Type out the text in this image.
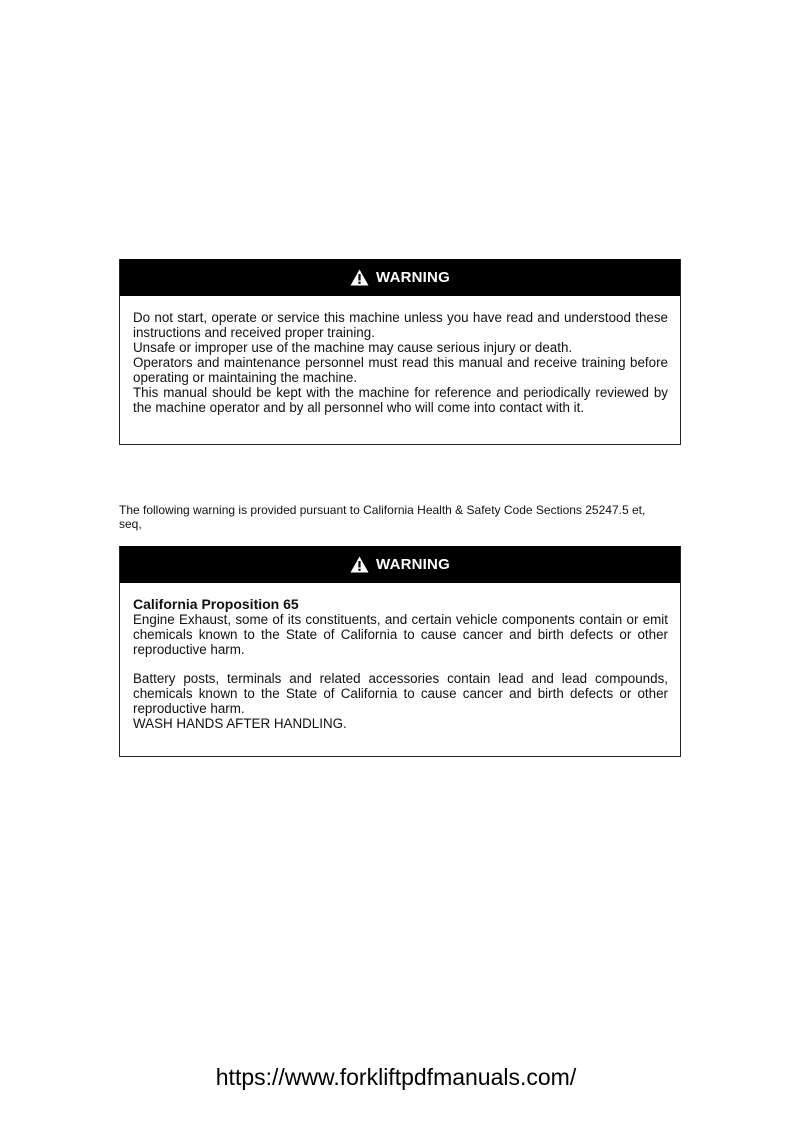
WARNING

Do not start, operate or service this machine unless you have read and understood these instructions and received proper training.

Unsafe or improper use of the machine may cause serious injury or death.

Operators and maintenance personnel must read this manual and receive training before operating or maintaining the machine.

This manual should be kept with the machine for reference and periodically reviewed by the machine operator and by all personnel who will come into contact with it.

The following warning is provided pursuant to California Health & Safety Code Sections 25247.5 et, seq,
WARNING

California Proposition 65

Engine Exhaust, some of its constituents, and certain vehicle components contain or emit chemicals known to the State of California to cause cancer and birth defects or other reproductive harm.

Battery posts, terminals and related accessories contain lead and lead compounds, chemicals known to the State of California to cause cancer and birth defects or other reproductive harm.

WASH HANDS AFTER HANDLING.

https://www.forkliftpdfmanuals.com/
